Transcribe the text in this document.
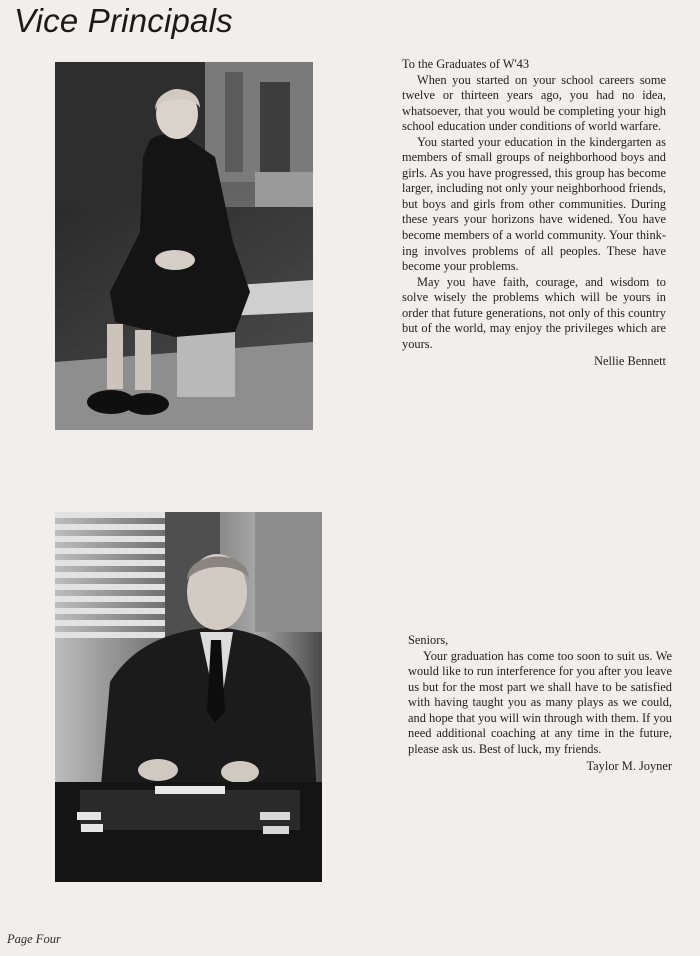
Vice Principals
To the Graduates of W'43

When you started on your school careers some twelve or thirteen years ago, you had no idea, whatsoever, that you would be completing your high school education under conditions of world warfare.

You started your education in the kindergarten as members of small groups of neighborhood boys and girls. As you have progressed, this group has become larger, including not only your neighborhood friends, but boys and girls from other communities. During these years your horizons have widened. You have become members of a world community. Your thinking involves problems of all peoples. These have become your problems.

May you have faith, courage, and wisdom to solve wisely the problems which will be yours in order that future generations, not only of this country but of the world, may enjoy the privileges which are yours.

Nellie Bennett
Seniors,

Your graduation has come too soon to suit us. We would like to run interference for you after you leave us but for the most part we shall have to be satisfied with having taught you as many plays as we could, and hope that you will win through with them. If you need additional coaching at any time in the future, please ask us. Best of luck, my friends.

Taylor M. Joyner
Page Four
